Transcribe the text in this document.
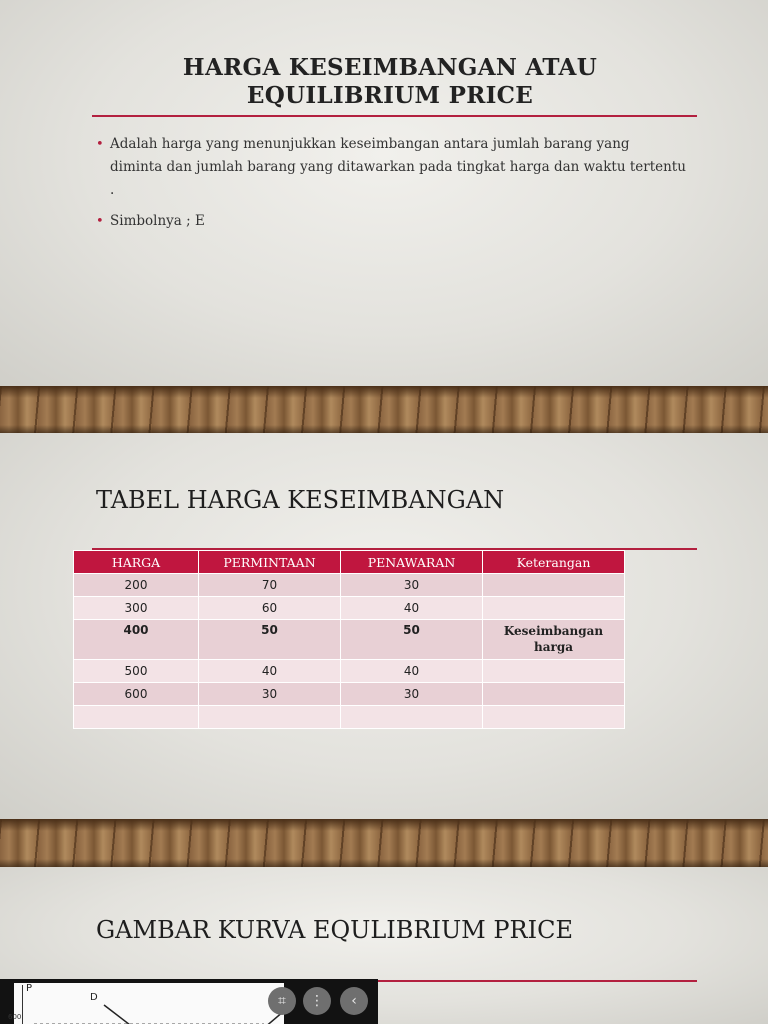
HARGA KESEIMBANGAN ATAU
EQUILIBRIUM PRICE
• Adalah harga yang menunjukkan keseimbangan antara jumlah barang yang diminta dan jumlah barang yang ditawarkan pada tingkat harga dan waktu tertentu .
• Simbolnya ; E
TABEL HARGA KESEIMBANGAN
HARGA	PERMINTAAN	PENAWARAN	Keterangan
200	70	30	
300	60	40	
400	50	50	Keseimbangan harga
500	40	40	
600	30	30	

GAMBAR KURVA EQULIBRIUM PRICE
P
600
D	⌗	⋮	‹
